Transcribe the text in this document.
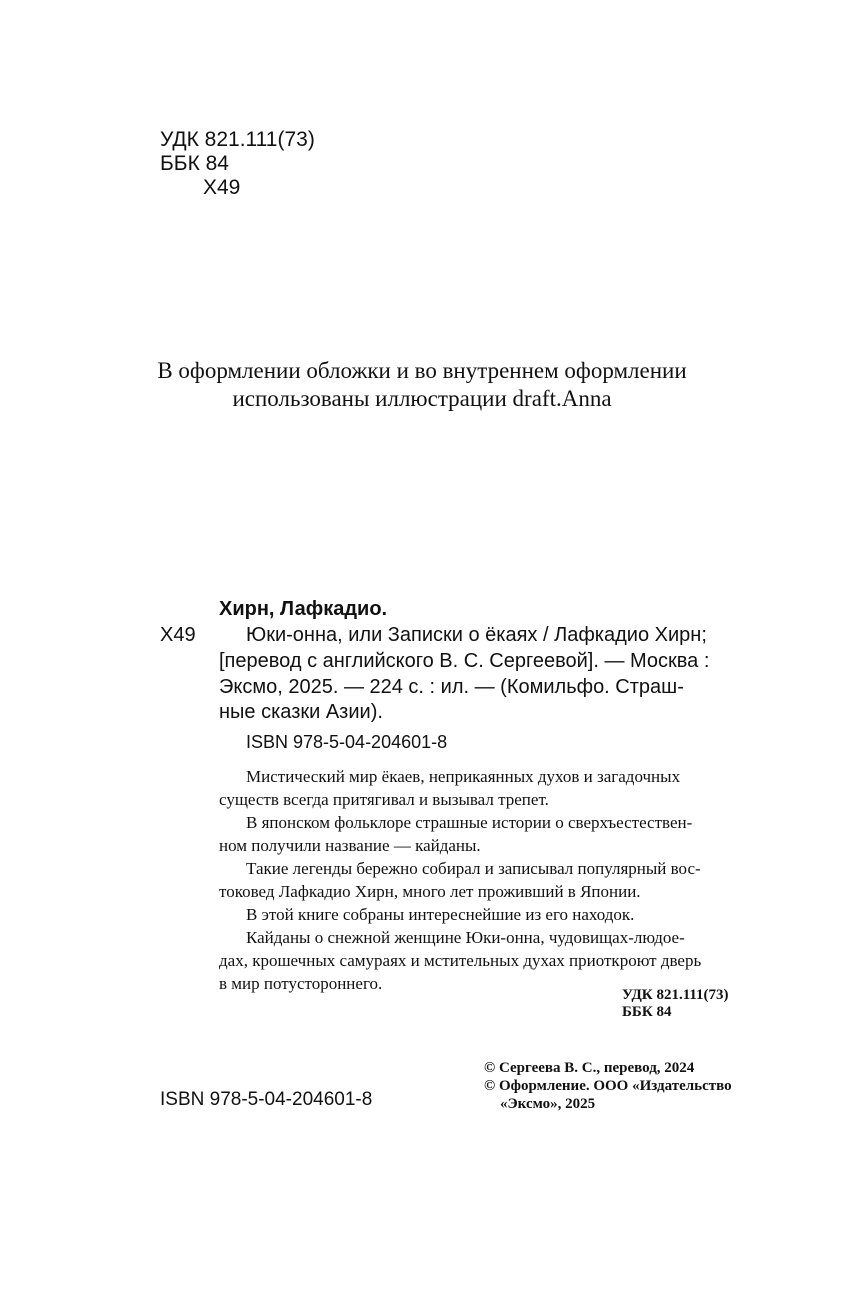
УДК 821.111(73)
ББК 84
Х49
В оформлении обложки и во внутреннем оформлении
использованы иллюстрации draft.Anna
Хирн, Лафкадио.
Х49	Юки-онна, или Записки о ёкаях / Лафкадио Хирн;
[перевод с английского В. С. Сергеевой]. — Москва :
Эксмо, 2025. — 224 с. : ил. — (Комильфо. Страш-
ные сказки Азии).
ISBN 978-5-04-204601-8
Мистический мир ёкаев, неприкаянных духов и загадочных
существ всегда притягивал и вызывал трепет.
В японском фольклоре страшные истории о сверхъестествен-
ном получили название — кайданы.
Такие легенды бережно собирал и записывал популярный вос-
токовед Лафкадио Хирн, много лет проживший в Японии.
В этой книге собраны интереснейшие из его находок.
Кайданы о снежной женщине Юки-онна, чудовищах-людое-
дах, крошечных самураях и мстительных духах приоткроют дверь
в мир потустороннего.
УДК 821.111(73)
ББК 84
© Сергеева В. С., перевод, 2024
© Оформление. ООО «Издательство
«Эксмо», 2025
ISBN 978-5-04-204601-8
